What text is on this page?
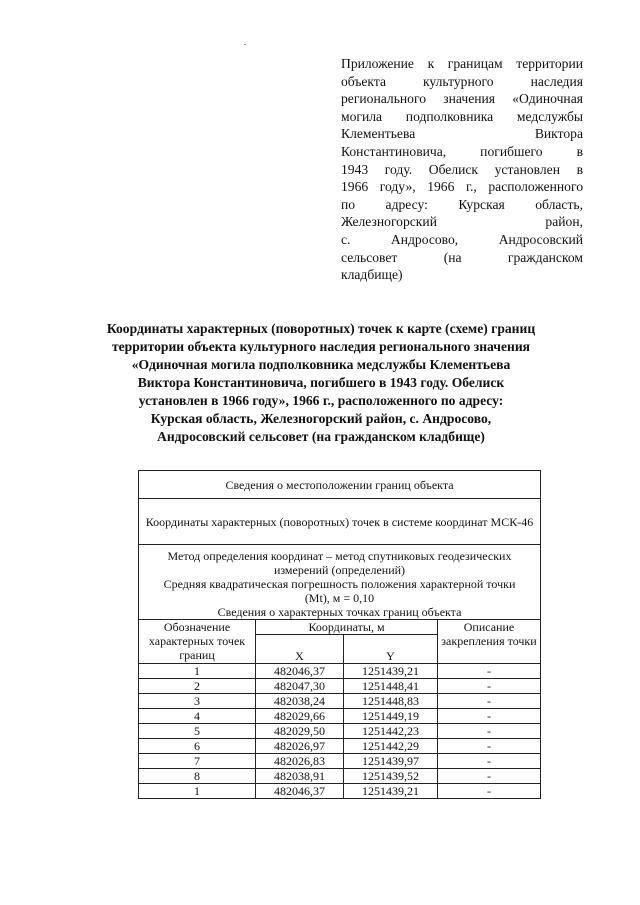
Приложение к границам территории
объекта культурного наследия
регионального значения «Одиночная
могила подполковника медслужбы
Клементьева Виктора
Константиновича, погибшего в
1943 году. Обелиск установлен в
1966 году», 1966 г., расположенного
по адресу: Курская область,
Железногорский район,
с. Андросово, Андросовский
сельсовет (на гражданском
кладбище)
Координаты характерных (поворотных) точек к карте (схеме) границ
территории объекта культурного наследия регионального значения
«Одиночная могила подполковника медслужбы Клементьева
Виктора Константиновича, погибшего в 1943 году. Обелиск
установлен в 1966 году», 1966 г., расположенного по адресу:
Курская область, Железногорский район, с. Андросово,
Андросовский сельсовет (на гражданском кладбище)
Сведения о местоположении границ объекта			
Координаты характерных (поворотных) точек в системе координат МСК-46			

Метод определения координат – метод спутниковых геодезических
измерений (определений)
Средняя квадратическая погрешность положения характерной точки
(Mt), м = 0,10
Сведения о характерных точках границ объекта			

Обозначение характерных точек границ	Координаты, м		Описание закрепления точки
	X	Y	
1	482046,37	1251439,21	-
2	482047,30	1251448,41	-
3	482038,24	1251448,83	-
4	482029,66	1251449,19	-
5	482029,50	1251442,23	-
6	482026,97	1251442,29	-
7	482026,83	1251439,97	-
8	482038,91	1251439,52	-
1	482046,37	1251439,21	-
